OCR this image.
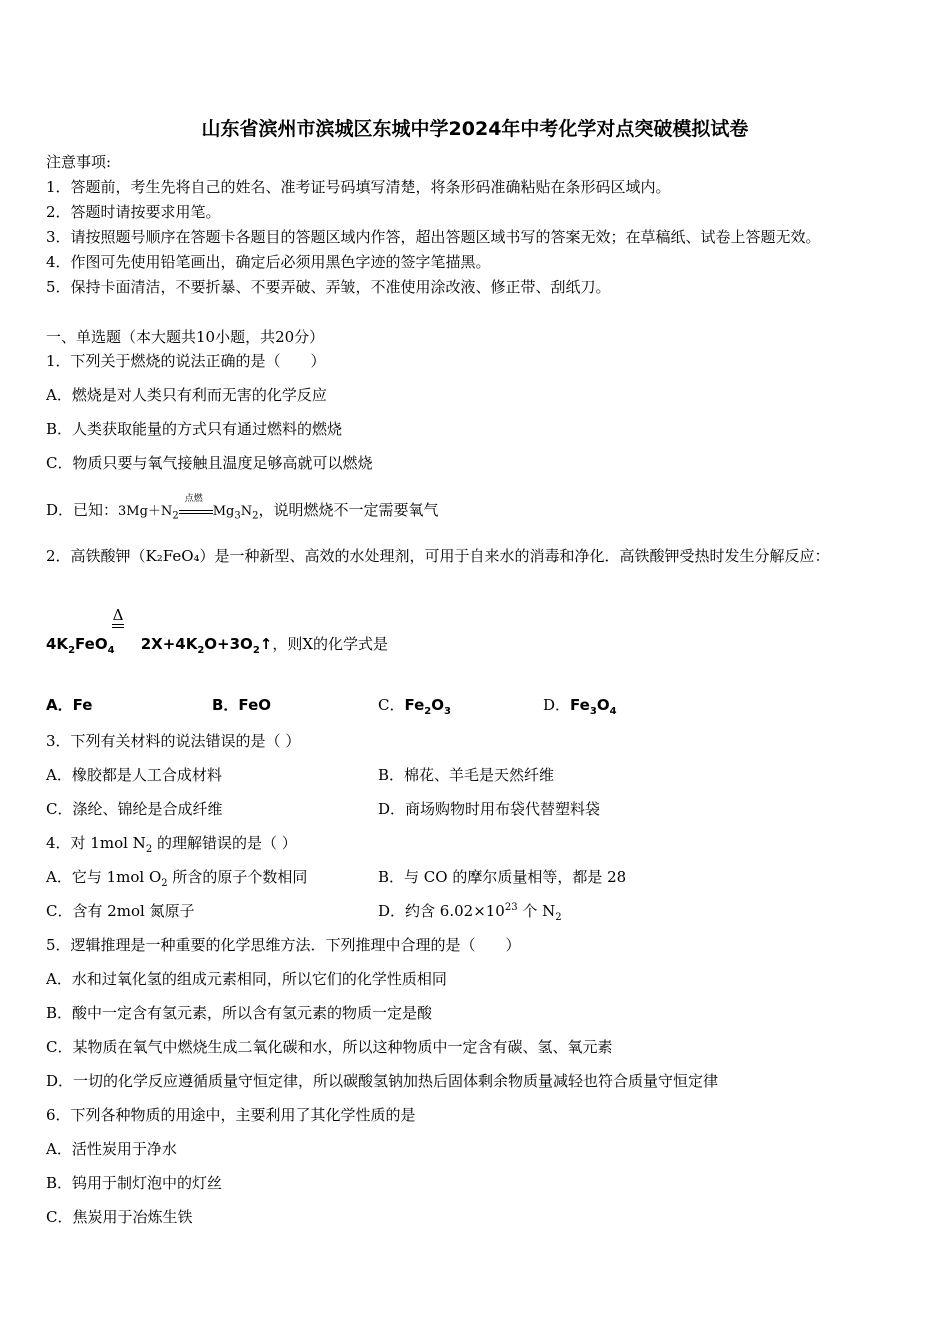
山东省滨州市滨城区东城中学2024年中考化学对点突破模拟试卷
注意事项:
1．答题前，考生先将自己的姓名、准考证号码填写清楚，将条形码准确粘贴在条形码区域内。
2．答题时请按要求用笔。
3．请按照题号顺序在答题卡各题目的答题区域内作答，超出答题区域书写的答案无效；在草稿纸、试卷上答题无效。
4．作图可先使用铅笔画出，确定后必须用黑色字迹的签字笔描黑。
5．保持卡面清洁，不要折暴、不要弄破、弄皱，不准使用涂改液、修正带、刮纸刀。
一、单选题（本大题共10小题，共20分）
1．下列关于燃烧的说法正确的是（　　）
A．燃烧是对人类只有利而无害的化学反应
B．人类获取能量的方式只有通过燃料的燃烧
C．物质只要与氧气接触且温度足够高就可以燃烧
D．已知：$3Mg+N_2$
点燃
$Mg_3N_2$，说明燃烧不一定需要氧气
2．高铁酸钾（K₂FeO₄）是一种新型、高效的水处理剂，可用于自来水的消毒和净化．高铁酸钾受热时发生分解反应：
Δ
$4K_2FeO_4$     $2X+4K_2O+3O_2↑$，则X的化学式是
A．Fe	B．FeO	C．$Fe_2O_3$	D．$Fe_3O_4$
3．下列有关材料的说法错误的是（ ）
A．橡胶都是人工合成材料	B．棉花、羊毛是天然纤维
C．涤纶、锦纶是合成纤维	D．商场购物时用布袋代替塑料袋
4．对 1mol $N_2$ 的理解错误的是（ ）
A．它与 1mol $O_2$ 所含的原子个数相同	B．与 CO 的摩尔质量相等，都是 28
C．含有 2mol 氮原子	D．约含 $6.02\times 10^{23}$ 个 $N_2$
5．逻辑推理是一种重要的化学思维方法．下列推理中合理的是（　　）
A．水和过氧化氢的组成元素相同，所以它们的化学性质相同
B．酸中一定含有氢元素，所以含有氢元素的物质一定是酸
C．某物质在氧气中燃烧生成二氧化碳和水，所以这种物质中一定含有碳、氢、氧元素
D．一切的化学反应遵循质量守恒定律，所以碳酸氢钠加热后固体剩余物质量减轻也符合质量守恒定律
6．下列各种物质的用途中，主要利用了其化学性质的是
A．活性炭用于净水
B．钨用于制灯泡中的灯丝
C．焦炭用于冶炼生铁
